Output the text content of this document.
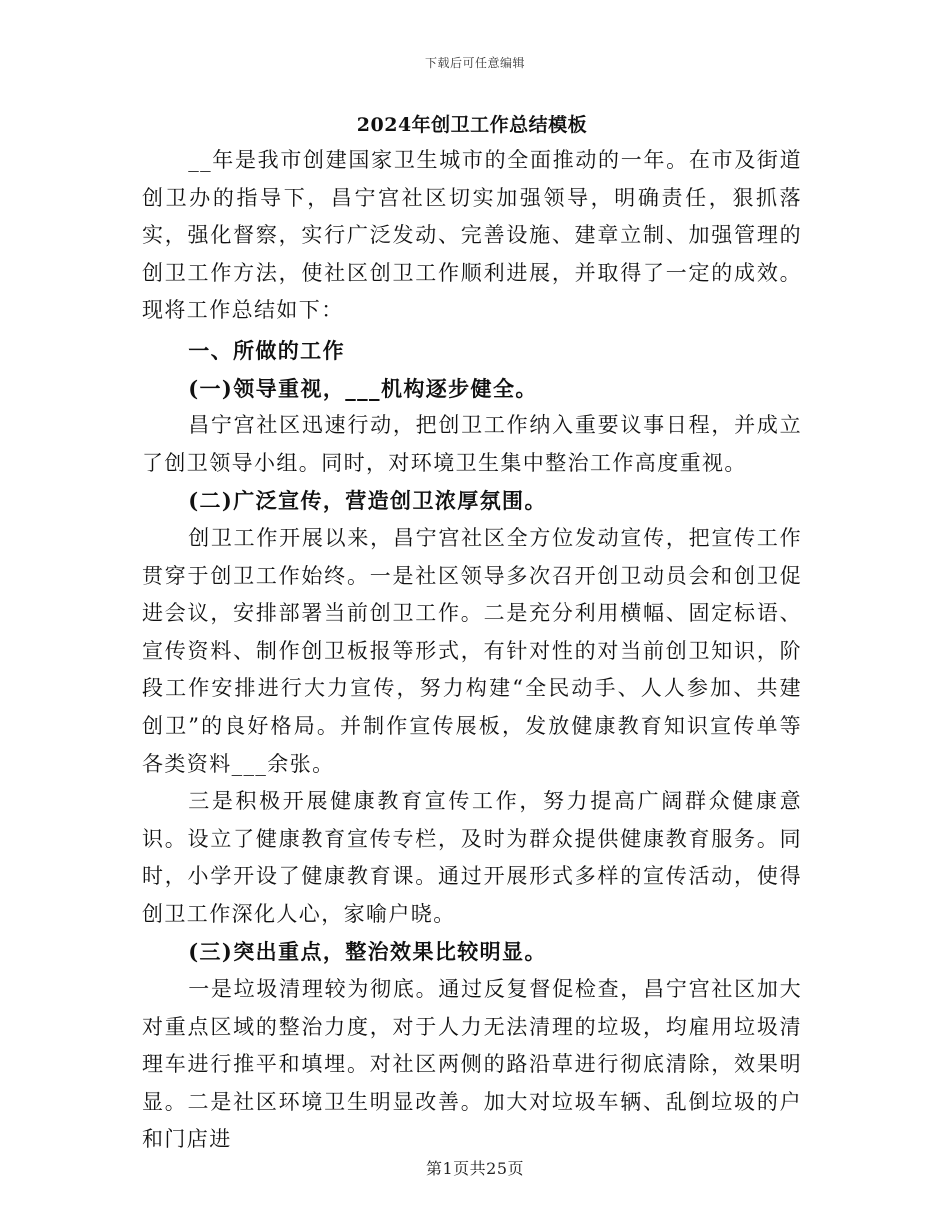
下载后可任意编辑
2024年创卫工作总结模板

__年是我市创建国家卫生城市的全面推动的一年。在市及街道创卫办的指导下，昌宁宫社区切实加强领导，明确责任，狠抓落实，强化督察，实行广泛发动、完善设施、建章立制、加强管理的创卫工作方法，使社区创卫工作顺利进展，并取得了一定的成效。现将工作总结如下：

一、所做的工作

(一)领导重视，___机构逐步健全。

昌宁宫社区迅速行动，把创卫工作纳入重要议事日程，并成立了创卫领导小组。同时，对环境卫生集中整治工作高度重视。

(二)广泛宣传，营造创卫浓厚氛围。

创卫工作开展以来，昌宁宫社区全方位发动宣传，把宣传工作贯穿于创卫工作始终。一是社区领导多次召开创卫动员会和创卫促进会议，安排部署当前创卫工作。二是充分利用横幅、固定标语、宣传资料、制作创卫板报等形式，有针对性的对当前创卫知识，阶段工作安排进行大力宣传，努力构建“全民动手、人人参加、共建创卫”的良好格局。并制作宣传展板，发放健康教育知识宣传单等各类资料___余张。

三是积极开展健康教育宣传工作，努力提高广阔群众健康意识。设立了健康教育宣传专栏，及时为群众提供健康教育服务。同时，小学开设了健康教育课。通过开展形式多样的宣传活动，使得创卫工作深化人心，家喻户晓。

(三)突出重点，整治效果比较明显。

一是垃圾清理较为彻底。通过反复督促检查，昌宁宫社区加大对重点区域的整治力度，对于人力无法清理的垃圾，均雇用垃圾清理车进行推平和填埋。对社区两侧的路沿草进行彻底清除，效果明显。二是社区环境卫生明显改善。加大对垃圾车辆、乱倒垃圾的户和门店进

第1页共25页
